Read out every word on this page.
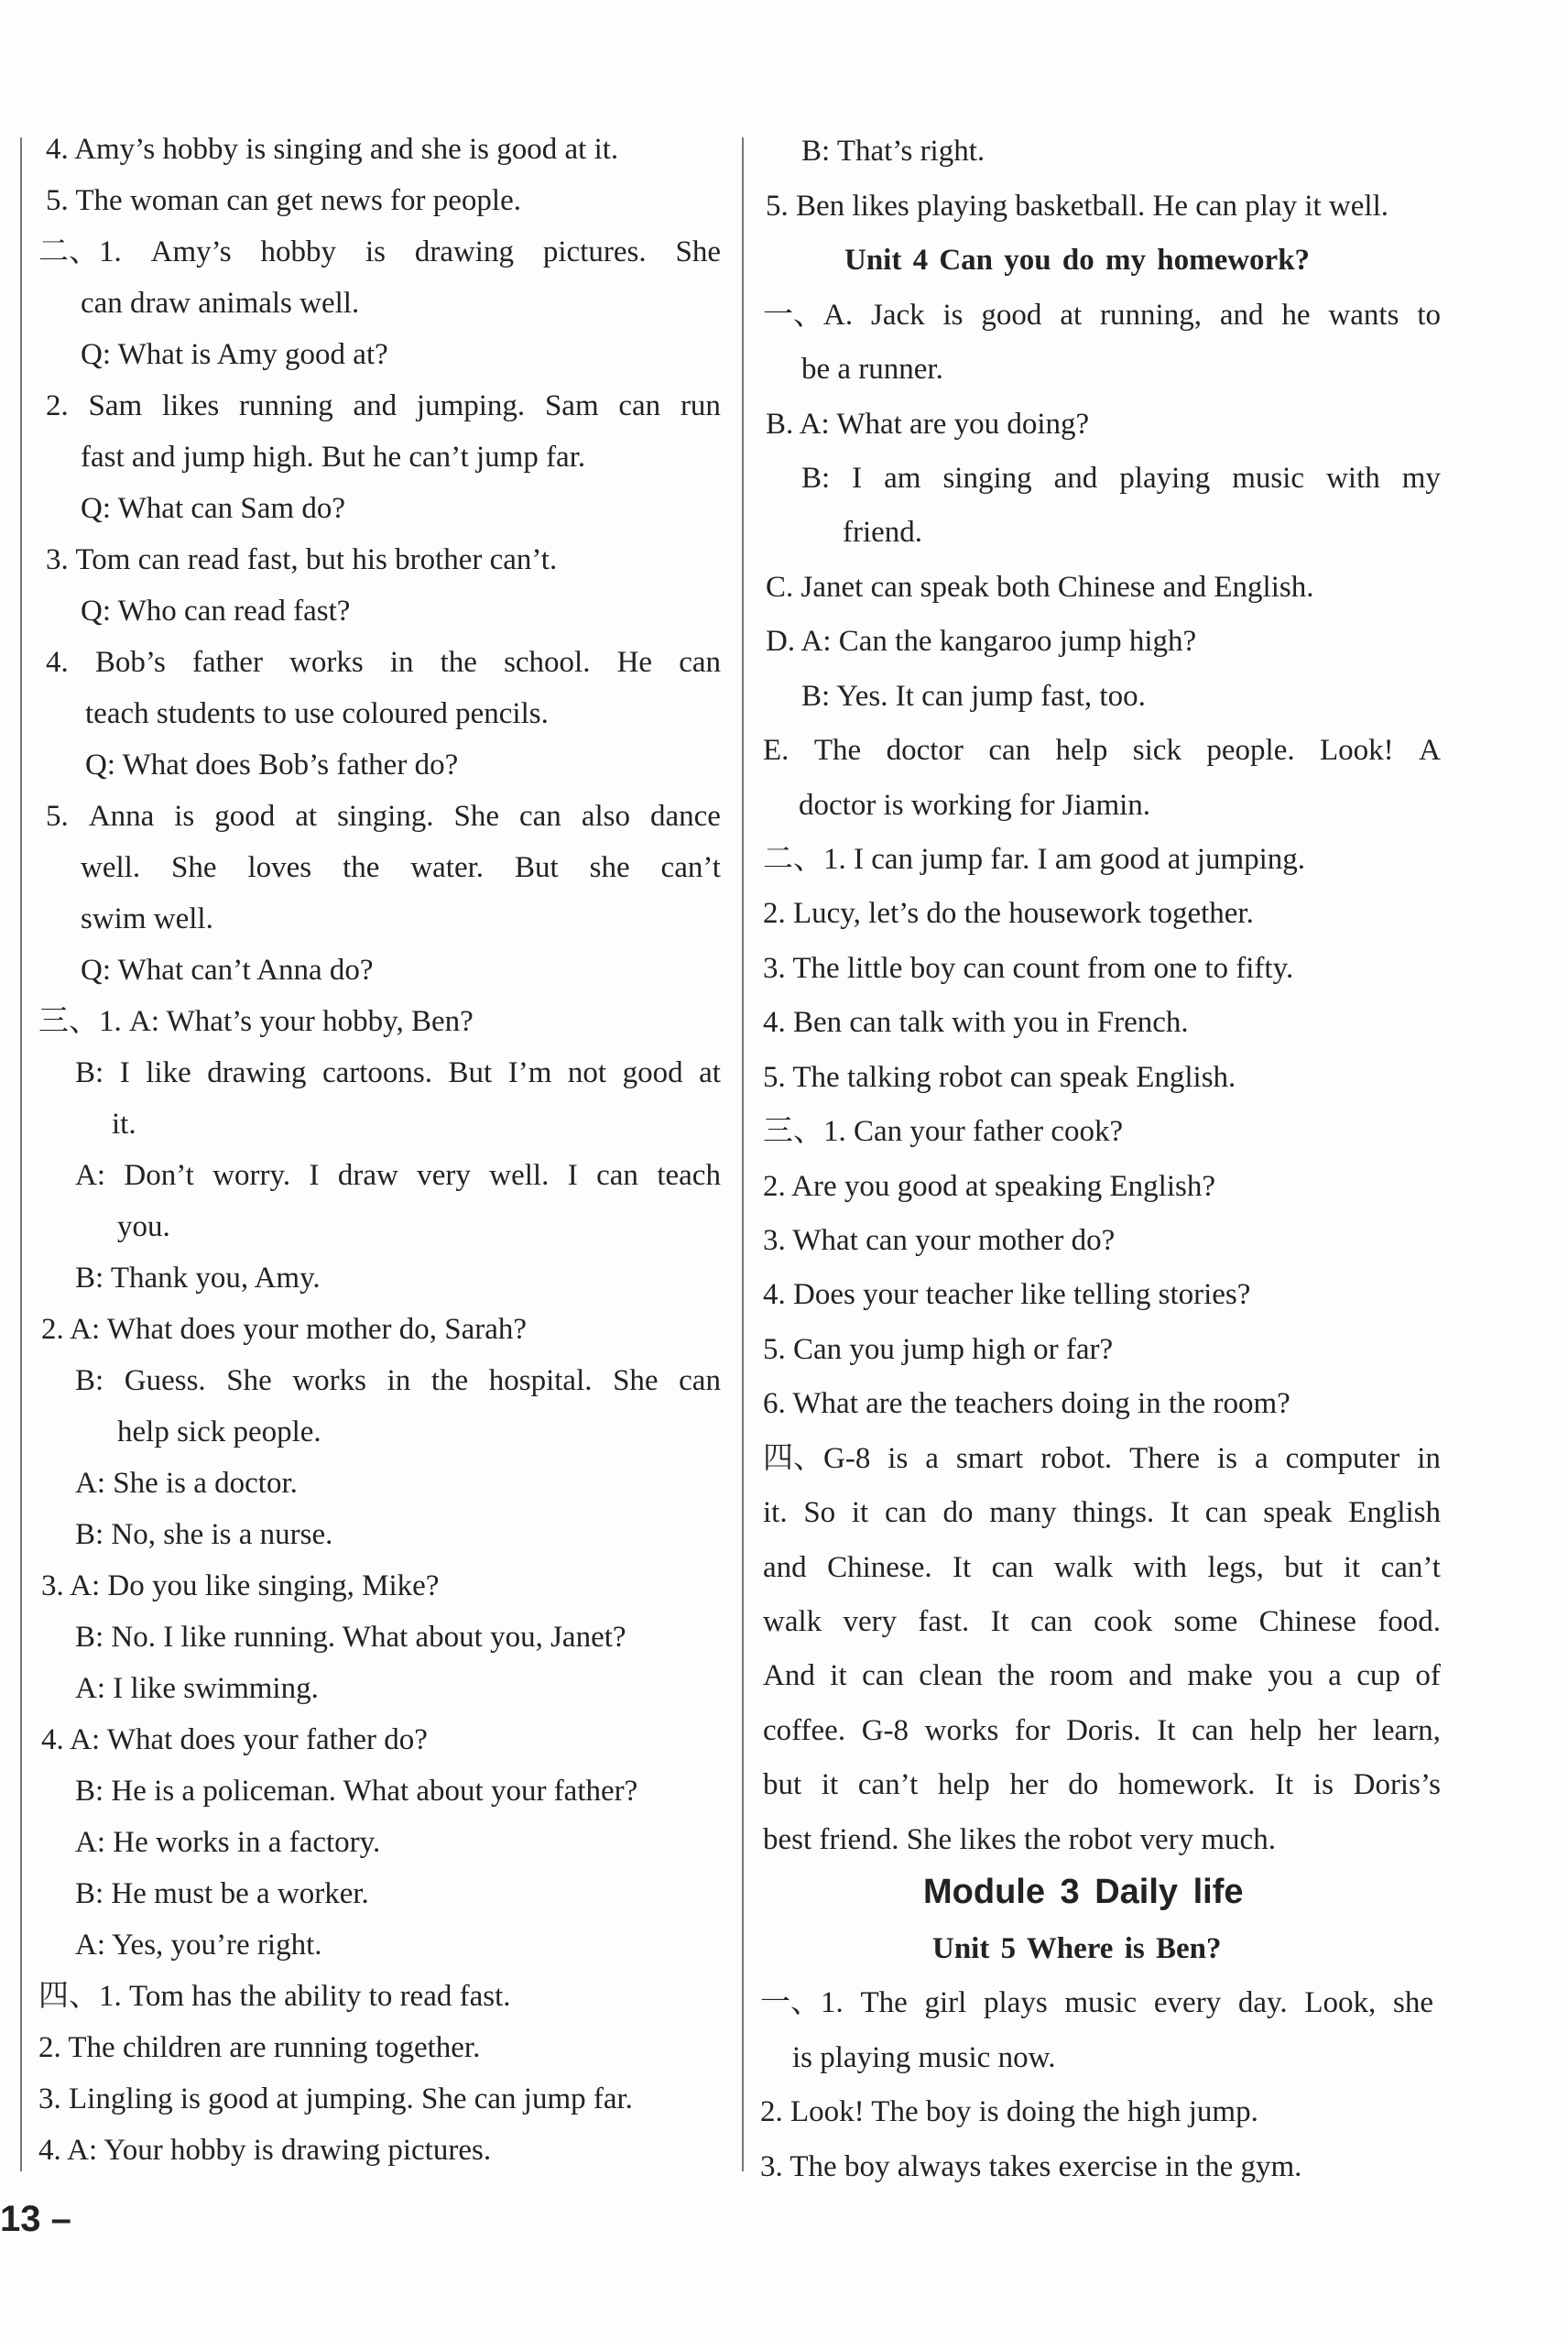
4. Amy’s hobby is singing and she is good at it.
5. The woman can get news for people.
二、1. Amy’s hobby is drawing pictures. She
can draw animals well.
Q: What is Amy good at?
2. Sam likes running and jumping. Sam can run
fast and jump high. But he can’t jump far.
Q: What can Sam do?
3. Tom can read fast, but his brother can’t.
Q: Who can read fast?
4. Bob’s father works in the school. He can
teach students to use coloured pencils.
Q: What does Bob’s father do?
5. Anna is good at singing. She can also dance
well. She loves the water. But she can’t
swim well.
Q: What can’t Anna do?
三、1. A: What’s your hobby, Ben?
B: I like drawing cartoons. But I’m not good at
it.
A: Don’t worry. I draw very well. I can teach
you.
B: Thank you, Amy.
2. A: What does your mother do, Sarah?
B: Guess. She works in the hospital. She can
help sick people.
A: She is a doctor.
B: No, she is a nurse.
3. A: Do you like singing, Mike?
B: No. I like running. What about you, Janet?
A: I like swimming.
4. A: What does your father do?
B: He is a policeman. What about your father?
A: He works in a factory.
B: He must be a worker.
A: Yes, you’re right.
四、1. Tom has the ability to read fast.
2. The children are running together.
3. Lingling is good at jumping. She can jump far.
4. A: Your hobby is drawing pictures.
B: That’s right.
5. Ben likes playing basketball. He can play it well.
Unit 4 Can you do my homework?
一、A. Jack is good at running, and he wants to
be a runner.
B. A: What are you doing?
B: I am singing and playing music with my
friend.
C. Janet can speak both Chinese and English.
D. A: Can the kangaroo jump high?
B: Yes. It can jump fast, too.
E. The doctor can help sick people. Look! A
doctor is working for Jiamin.
二、1. I can jump far. I am good at jumping.
2. Lucy, let’s do the housework together.
3. The little boy can count from one to fifty.
4. Ben can talk with you in French.
5. The talking robot can speak English.
三、1. Can your father cook?
2. Are you good at speaking English?
3. What can your mother do?
4. Does your teacher like telling stories?
5. Can you jump high or far?
6. What are the teachers doing in the room?
四、G-8 is a smart robot. There is a computer in
it. So it can do many things. It can speak English
and Chinese. It can walk with legs, but it can’t
walk very fast. It can cook some Chinese food.
And it can clean the room and make you a cup of
coffee. G-8 works for Doris. It can help her learn,
but it can’t help her do homework. It is Doris’s
best friend. She likes the robot very much.
Module 3 Daily life
Unit 5 Where is Ben?
一、1. The girl plays music every day. Look, she
is playing music now.
2. Look! The boy is doing the high jump.
3. The boy always takes exercise in the gym.
13 –
